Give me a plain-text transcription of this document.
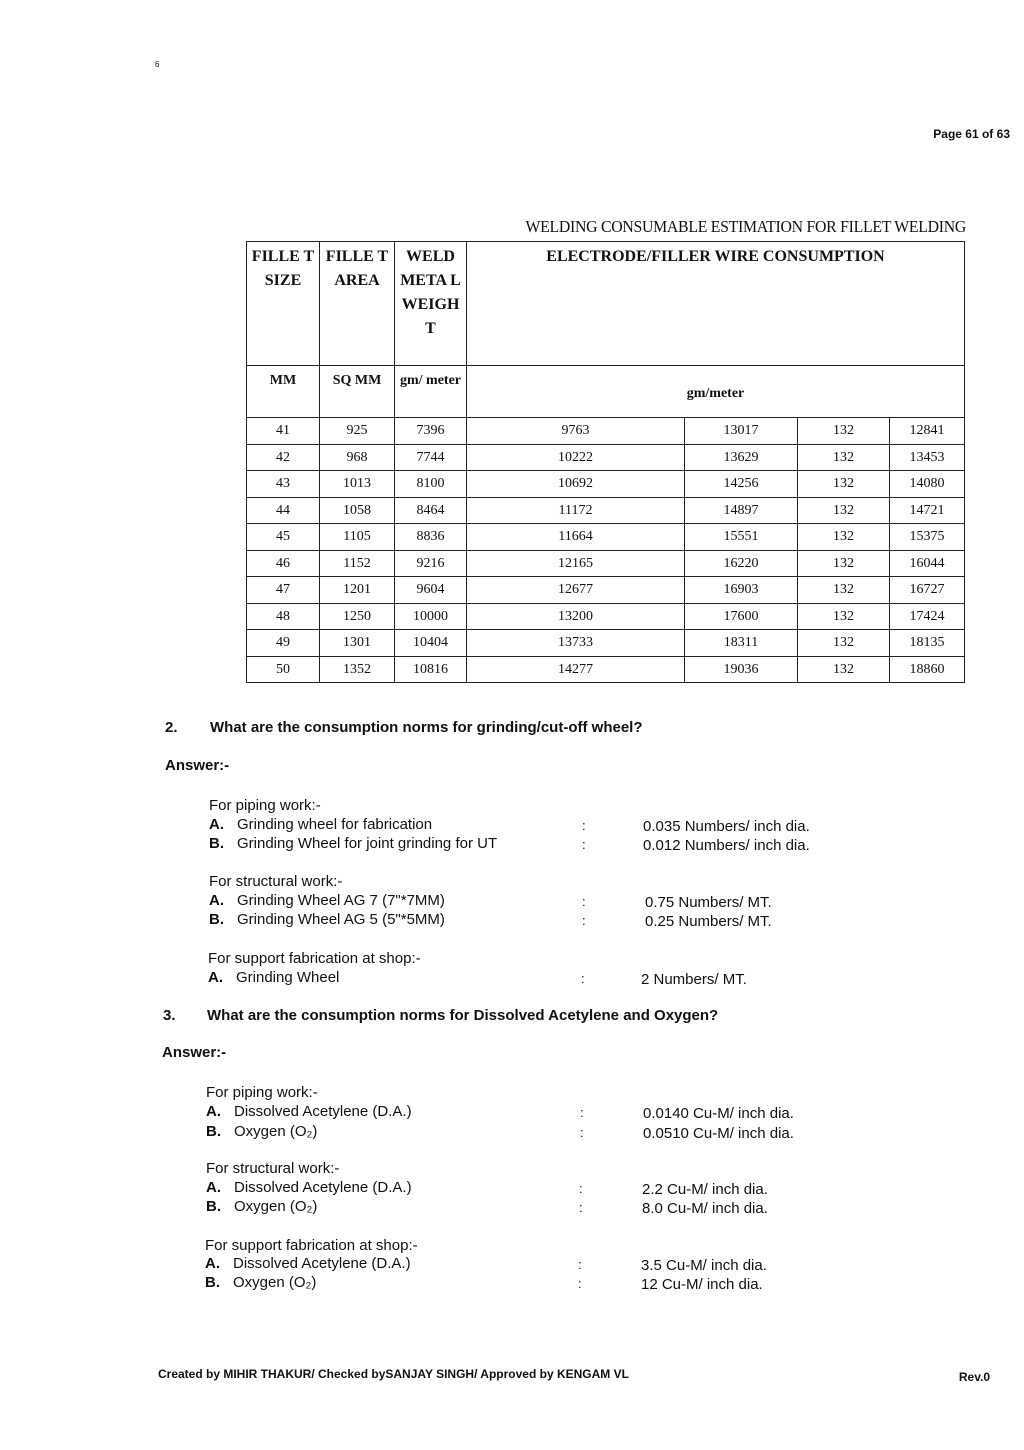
6
Page 61 of 63
WELDING CONSUMABLE ESTIMATION FOR FILLET WELDING
FILLE T SIZE	FILLE T AREA	WELD META L WEIGH T	ELECTRODE/FILLER WIRE CONSUMPTION			
MM	SQ MM	gm/ meter	gm/meter			
41	925	7396	9763	13017	132	12841
42	968	7744	10222	13629	132	13453
43	1013	8100	10692	14256	132	14080
44	1058	8464	11172	14897	132	14721
45	1105	8836	11664	15551	132	15375
46	1152	9216	12165	16220	132	16044
47	1201	9604	12677	16903	132	16727
48	1250	10000	13200	17600	132	17424
49	1301	10404	13733	18311	132	18135
50	1352	10816	14277	19036	132	18860
2. What are the consumption norms for grinding/cut-off wheel?
Answer:-
For piping work:-
A. Grinding wheel for fabrication	:	0.035 Numbers/ inch dia.
B. Grinding Wheel for joint grinding for UT	:	0.012 Numbers/ inch dia.
For structural work:-
A. Grinding Wheel AG 7 (7"*7MM)	:	0.75 Numbers/ MT.
B. Grinding Wheel AG 5 (5"*5MM)	:	0.25 Numbers/ MT.
For support fabrication at shop:-
A. Grinding Wheel	:	2 Numbers/ MT.
3. What are the consumption norms for Dissolved Acetylene and Oxygen?
Answer:-
For piping work:-
A. Dissolved Acetylene (D.A.)	:	0.0140 Cu-M/ inch dia.
B. Oxygen (O₂)	:	0.0510 Cu-M/ inch dia.
For structural work:-
A. Dissolved Acetylene (D.A.)	:	2.2 Cu-M/ inch dia.
B. Oxygen (O₂)	:	8.0 Cu-M/ inch dia.
For support fabrication at shop:-
A. Dissolved Acetylene (D.A.)	:	3.5 Cu-M/ inch dia.
B. Oxygen (O₂)	:	12 Cu-M/ inch dia.
Created by MIHIR THAKUR/ Checked bySANJAY SINGH/ Approved by KENGAM VL	Rev.0
